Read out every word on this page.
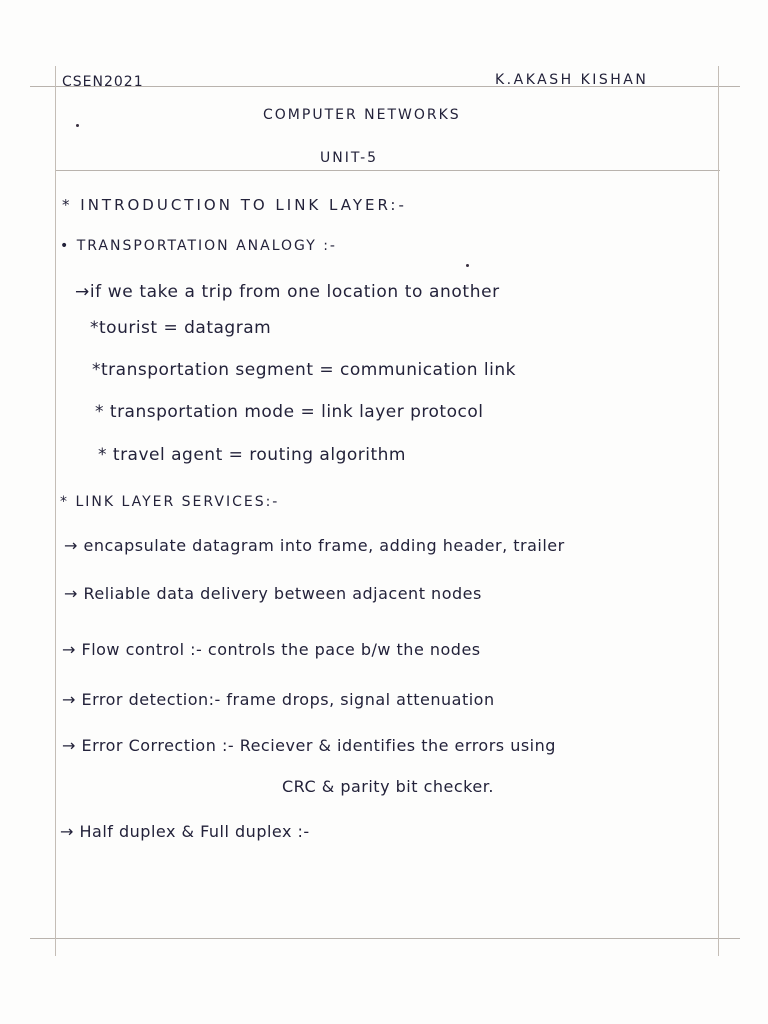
CSEN2021	K.AKASH KISHAN
COMPUTER NETWORKS
UNIT-5
* INTRODUCTION TO LINK LAYER:-
• TRANSPORTATION ANALOGY :-
→if we take a trip from one location to another
*tourist = datagram
*transportation segment = communication link
* transportation mode = link layer protocol
* travel agent = routing algorithm
* LINK LAYER SERVICES:-
→ encapsulate datagram into frame, adding header, trailer
→ Reliable data delivery between adjacent nodes
→ Flow control :- controls the pace b/w the nodes
→ Error detection:- frame drops, signal attenuation
→ Error Correction :- Reciever & identifies the errors using
CRC & parity bit checker.
→ Half duplex & Full duplex :-
